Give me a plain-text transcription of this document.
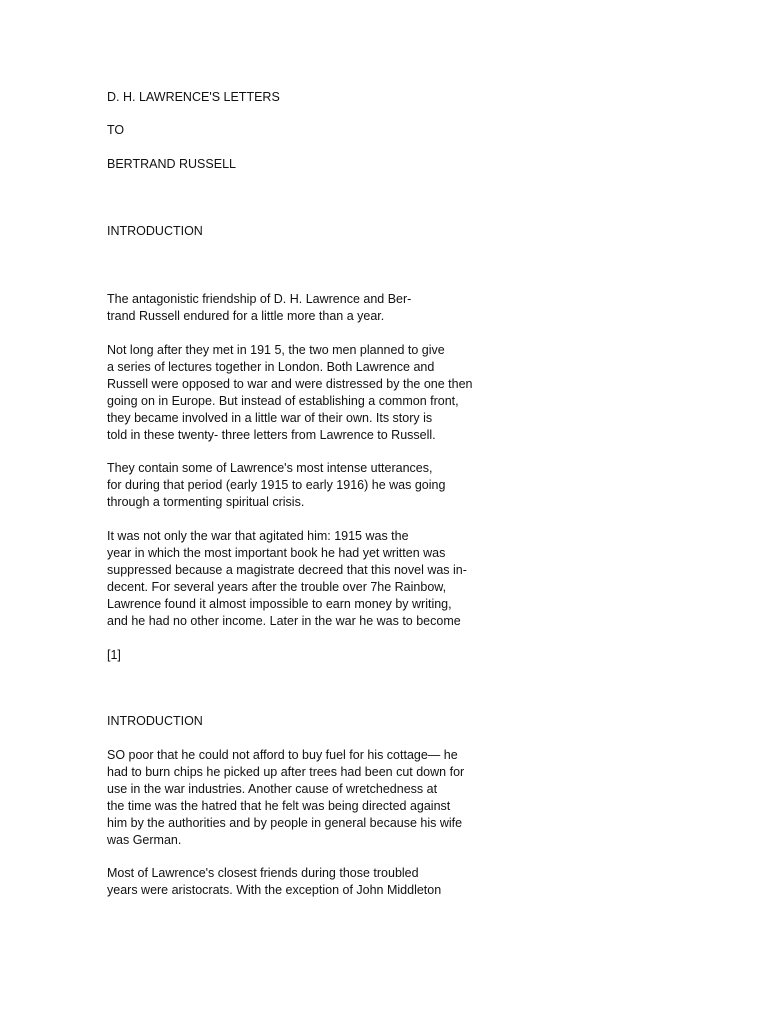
D. H. LAWRENCE'S LETTERS
TO
BERTRAND RUSSELL
INTRODUCTION
The antagonistic friendship of D. H. Lawrence and Ber-
trand Russell endured for a little more than a year.
Not long after they met in 191 5, the two men planned to give
a series of lectures together in London. Both Lawrence and
Russell were opposed to war and were distressed by the one then
going on in Europe. But instead of establishing a common front,
they became involved in a little war of their own. Its story is
told in these twenty- three letters from Lawrence to Russell.
They contain some of Lawrence's most intense utterances,
for during that period (early 1915 to early 1916) he was going
through a tormenting spiritual crisis.
It was not only the war that agitated him: 1915 was the
year in which the most important book he had yet written was
suppressed because a magistrate decreed that this novel was in-
decent. For several years after the trouble over 7he Rainbow,
Lawrence found it almost impossible to earn money by writing,
and he had no other income. Later in the war he was to become
[1]
INTRODUCTION
SO poor that he could not afford to buy fuel for his cottage— he
had to burn chips he picked up after trees had been cut down for
use in the war industries. Another cause of wretchedness at
the time was the hatred that he felt was being directed against
him by the authorities and by people in general because his wife
was German.
Most of Lawrence's closest friends during those troubled
years were aristocrats. With the exception of John Middleton
